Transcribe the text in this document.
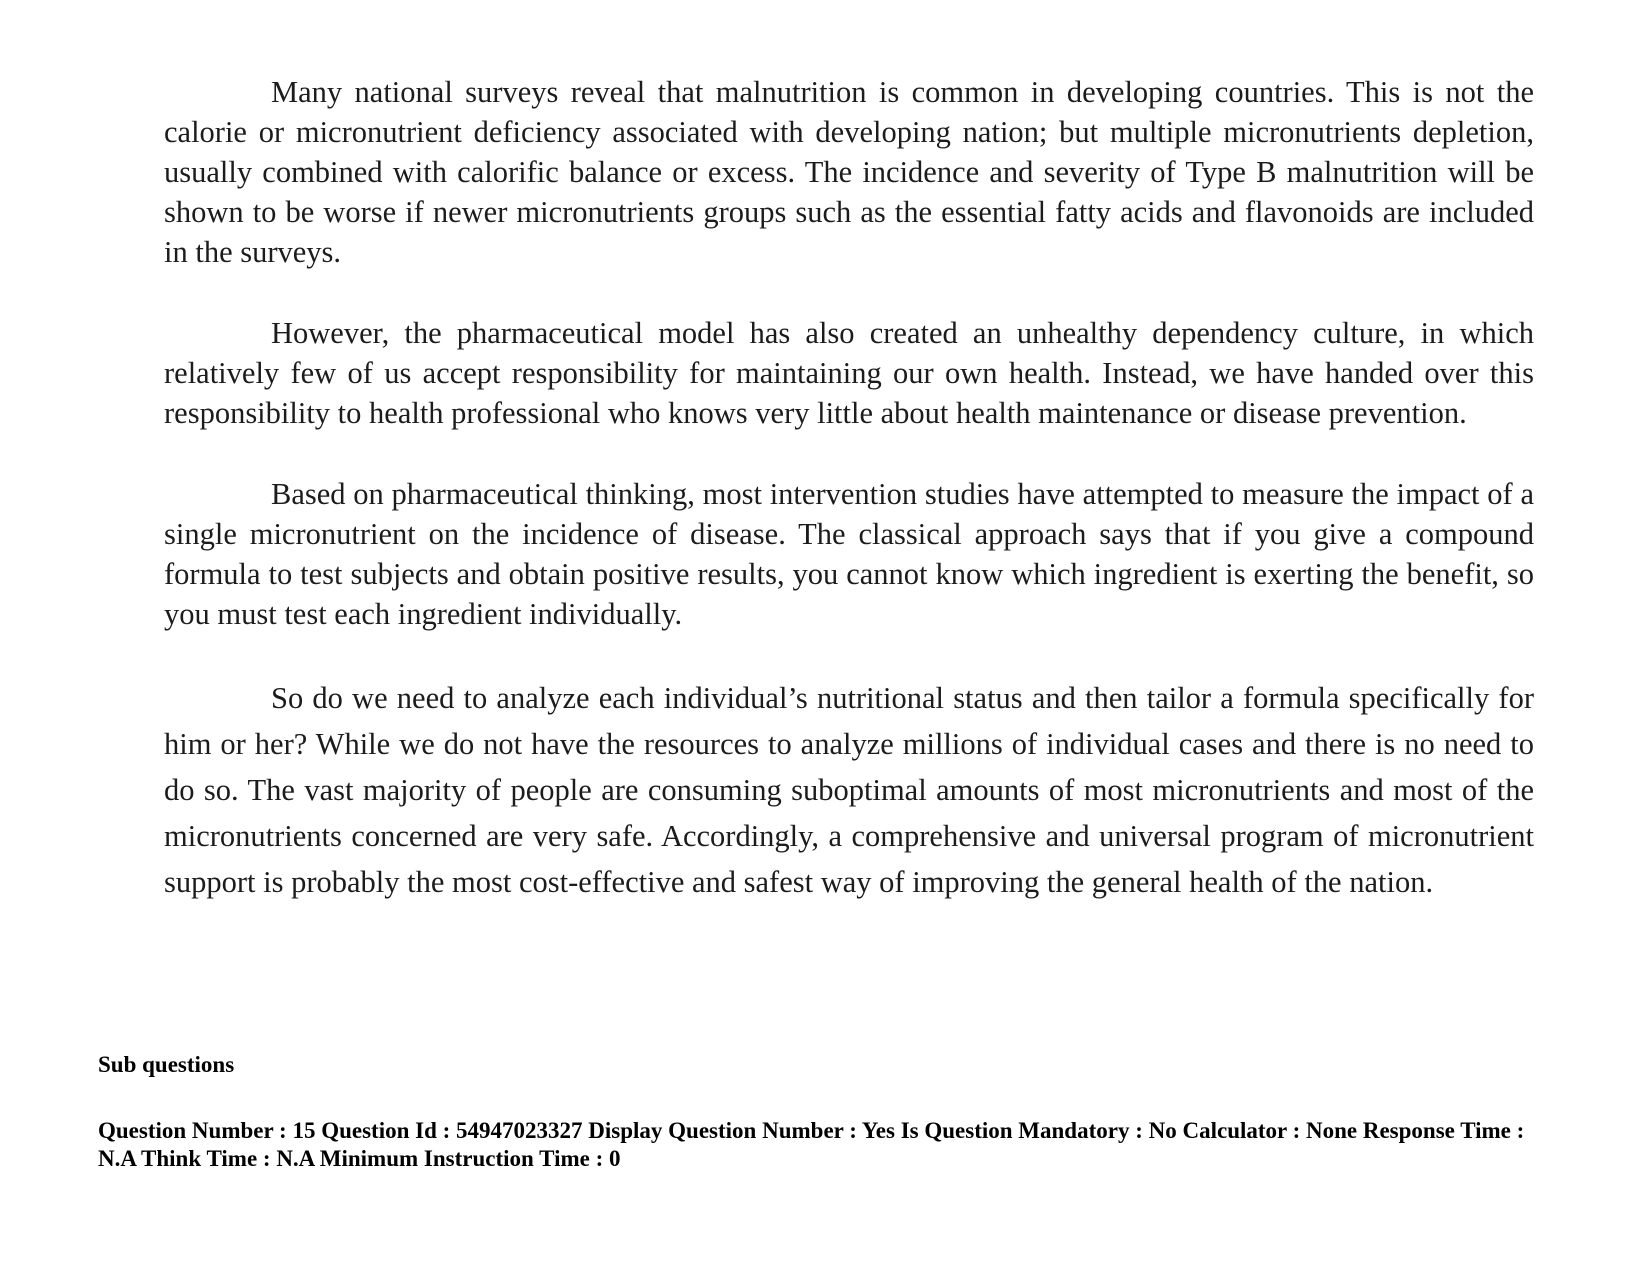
Many national surveys reveal that malnutrition is common in developing countries. This is not the calorie or micronutrient deficiency associated with developing nation; but multiple micronutrients depletion, usually combined with calorific balance or excess. The incidence and severity of Type B malnutrition will be shown to be worse if newer micronutrients groups such as the essential fatty acids and flavonoids are included in the surveys.

However, the pharmaceutical model has also created an unhealthy dependency culture, in which relatively few of us accept responsibility for maintaining our own health. Instead, we have handed over this responsibility to health professional who knows very little about health maintenance or disease prevention.

Based on pharmaceutical thinking, most intervention studies have attempted to measure the impact of a single micronutrient on the incidence of disease. The classical approach says that if you give a compound formula to test subjects and obtain positive results, you cannot know which ingredient is exerting the benefit, so you must test each ingredient individually.

So do we need to analyze each individual’s nutritional status and then tailor a formula specifically for him or her? While we do not have the resources to analyze millions of individual cases and there is no need to do so. The vast majority of people are consuming suboptimal amounts of most micronutrients and most of the micronutrients concerned are very safe. Accordingly, a comprehensive and universal program of micronutrient support is probably the most cost-effective and safest way of improving the general health of the nation.

Sub questions

Question Number : 15 Question Id : 54947023327 Display Question Number : Yes Is Question Mandatory : No Calculator : None Response Time : N.A Think Time : N.A Minimum Instruction Time : 0
